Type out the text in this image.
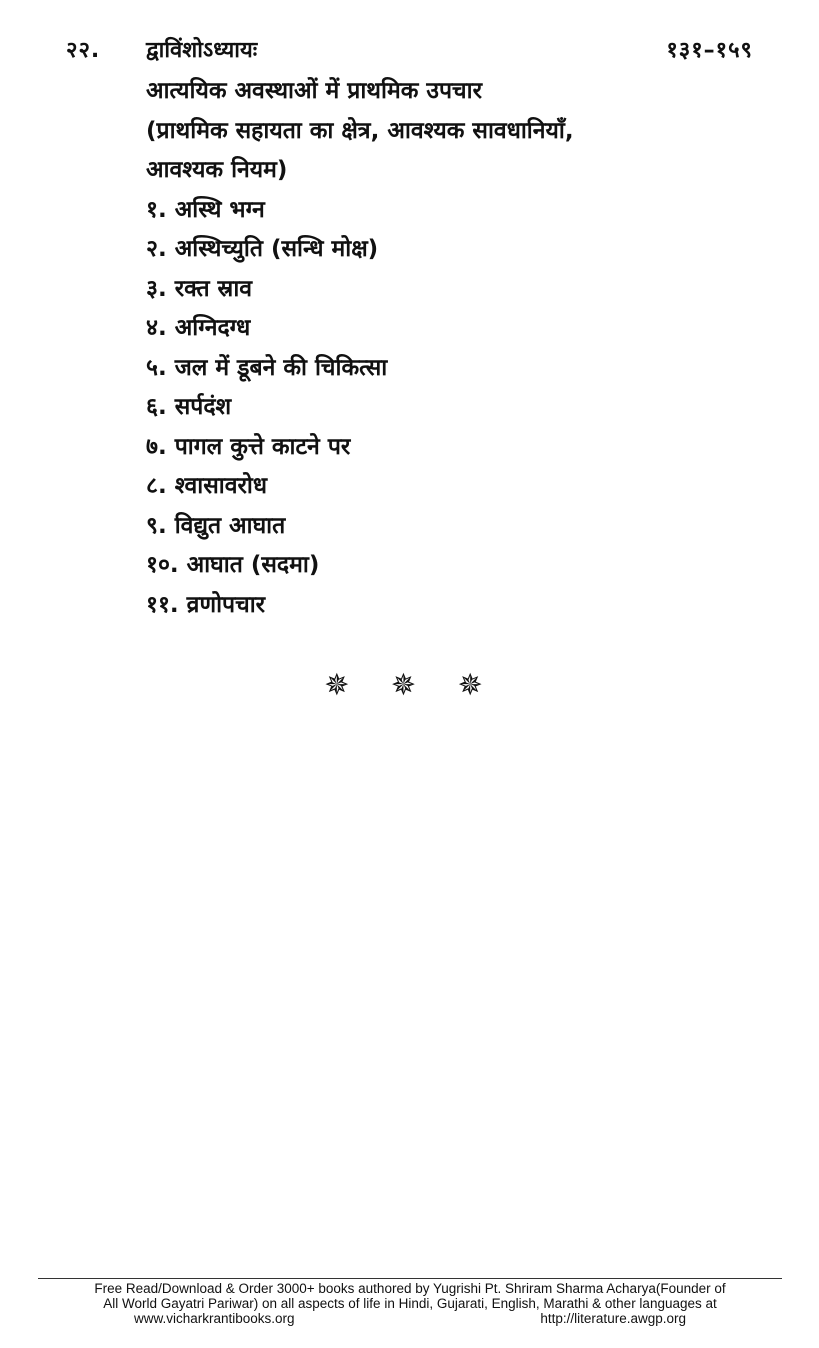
२२. द्वाविंशोऽध्यायः	१३१–१५९
आत्ययिक अवस्थाओं में प्राथमिक उपचार
(प्राथमिक सहायता का क्षेत्र, आवश्यक सावधानियाँ,
आवश्यक नियम)
१. अस्थि भग्न
२. अस्थिच्युति (सन्धि मोक्ष)
३. रक्त स्राव
४. अग्निदग्ध
५. जल में डूबने की चिकित्सा
६. सर्पदंश
७. पागल कुत्ते काटने पर
८. श्वासावरोध
९. विद्युत आघात
१०. आघात (सदमा)
११. व्रणोपचार
✵ ✵ ✵
Free Read/Download & Order 3000+ books authored by Yugrishi Pt. Shriram Sharma Acharya(Founder of
All World Gayatri Pariwar) on all aspects of life in Hindi, Gujarati, English, Marathi & other languages at
www.vicharkrantibooks.org	http://literature.awgp.org
